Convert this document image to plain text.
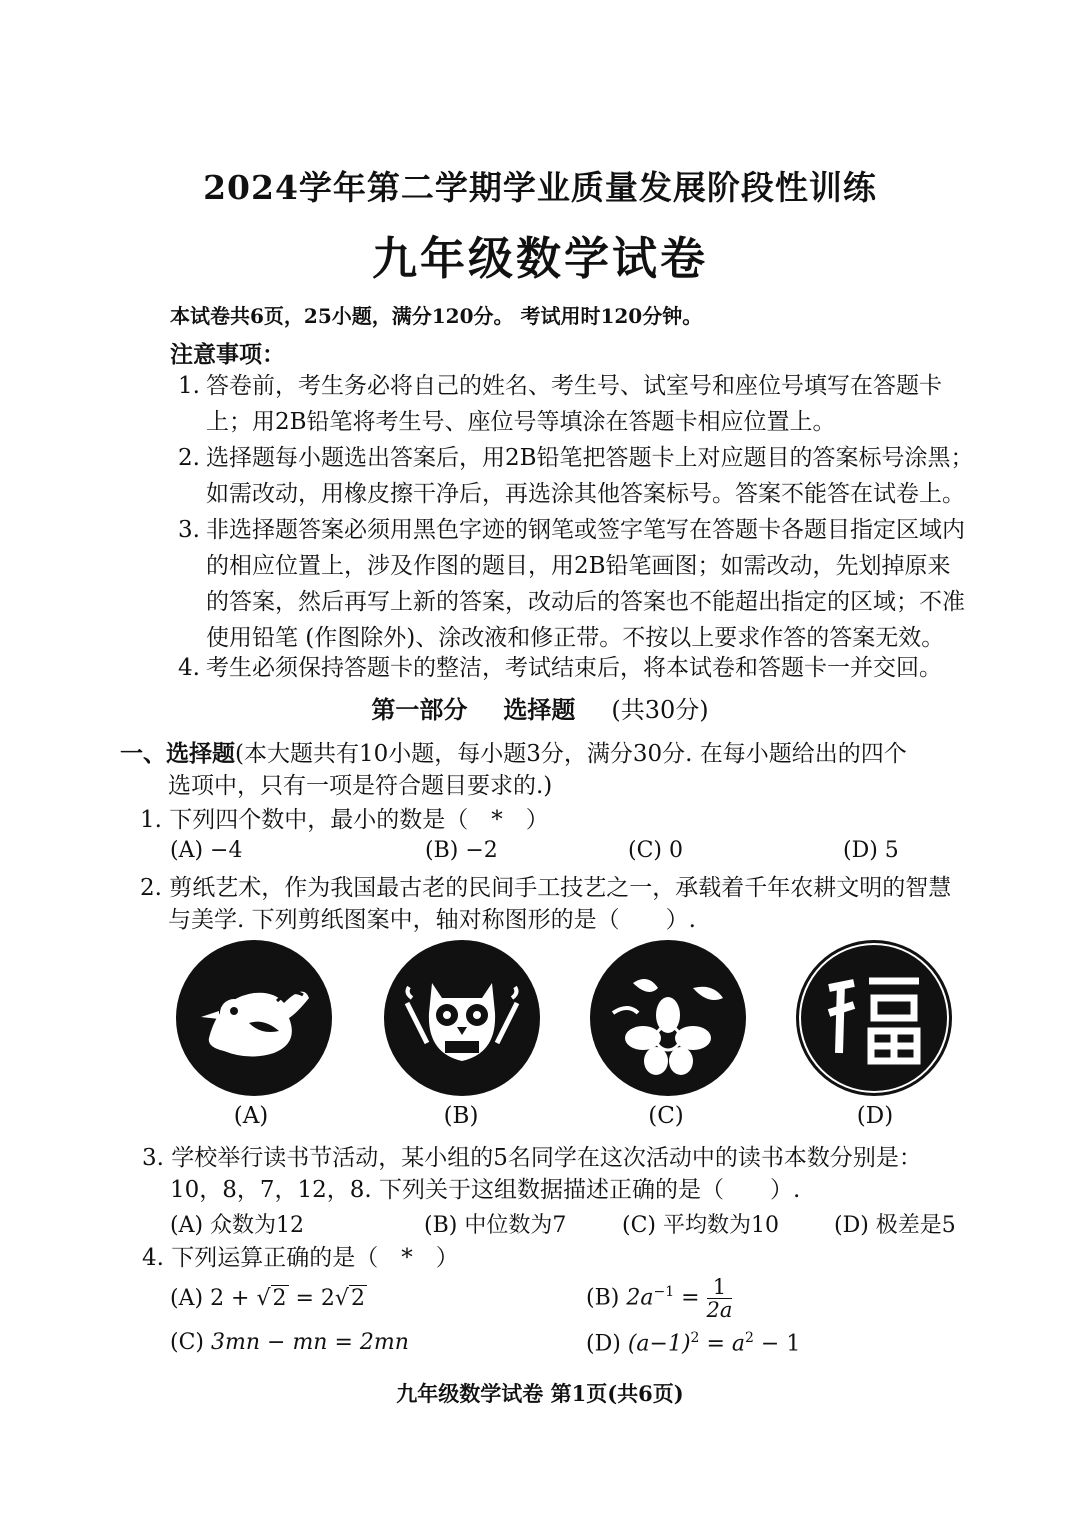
2024学年第二学期学业质量发展阶段性训练
九年级数学试卷
本试卷共6页，25小题，满分120分。 考试用时120分钟。
注意事项：
1. 答卷前，考生务必将自己的姓名、考生号、试室号和座位号填写在答题卡
上；用2B铅笔将考生号、座位号等填涂在答题卡相应位置上。
2. 选择题每小题选出答案后，用2B铅笔把答题卡上对应题目的答案标号涂黑；
如需改动，用橡皮擦干净后，再选涂其他答案标号。答案不能答在试卷上。
3. 非选择题答案必须用黑色字迹的钢笔或签字笔写在答题卡各题目指定区域内
的相应位置上，涉及作图的题目，用2B铅笔画图；如需改动，先划掉原来
的答案，然后再写上新的答案，改动后的答案也不能超出指定的区域；不准
使用铅笔 (作图除外)、涂改液和修正带。不按以上要求作答的答案无效。
4. 考生必须保持答题卡的整洁，考试结束后，将本试卷和答题卡一并交回。
第一部分 选择题 (共30分)
一、选择题(本大题共有10小题，每小题3分，满分30分. 在每小题给出的四个
选项中，只有一项是符合题目要求的.)
1. 下列四个数中，最小的数是（　*　）
(A) −4	(B) −2	(C) 0	(D) 5
2. 剪纸艺术，作为我国最古老的民间手工技艺之一，承载着千年农耕文明的智慧
与美学. 下列剪纸图案中，轴对称图形的是（　　）.
(A)	(B)	(C)	(D)
3. 学校举行读书节活动，某小组的5名同学在这次活动中的读书本数分别是：
10，8，7，12，8. 下列关于这组数据描述正确的是（　　）.
(A) 众数为12	(B) 中位数为7	(C) 平均数为10	(D) 极差是5
4. 下列运算正确的是（　*　）
(A) 2 + √2 = 2√2	(B) $2a^{-1} = \frac{1}{2a}$
(C) 3mn − mn = 2mn	(D) $(a-1)^2 = a^2 - 1$
九年级数学试卷 第1页(共6页)
